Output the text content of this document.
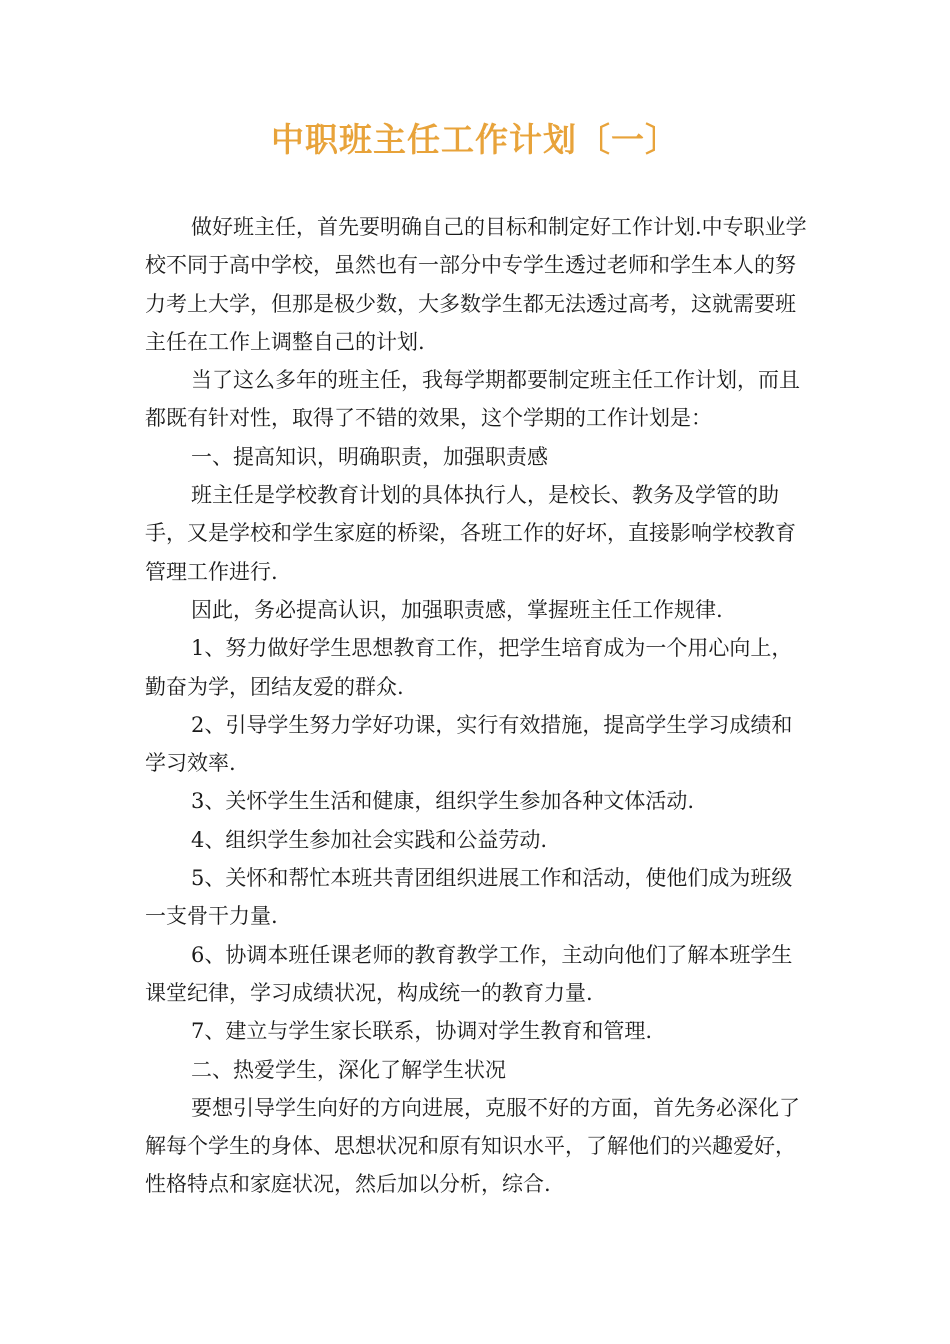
中职班主任工作计划〔一〕

做好班主任，首先要明确自己的目标和制定好工作计划.中专职业学校不同于高中学校，虽然也有一部分中专学生透过老师和学生本人的努力考上大学，但那是极少数，大多数学生都无法透过高考，这就需要班主任在工作上调整自己的计划.

当了这么多年的班主任，我每学期都要制定班主任工作计划，而且都既有针对性，取得了不错的效果，这个学期的工作计划是：

一、提高知识，明确职责，加强职责感

班主任是学校教育计划的具体执行人，是校长、教务及学管的助手，又是学校和学生家庭的桥梁，各班工作的好坏，直接影响学校教育管理工作进行.

因此，务必提高认识，加强职责感，掌握班主任工作规律.

1、努力做好学生思想教育工作，把学生培育成为一个用心向上，勤奋为学，团结友爱的群众.

2、引导学生努力学好功课，实行有效措施，提高学生学习成绩和学习效率.

3、关怀学生生活和健康，组织学生参加各种文体活动.

4、组织学生参加社会实践和公益劳动.

5、关怀和帮忙本班共青团组织进展工作和活动，使他们成为班级一支骨干力量.

6、协调本班任课老师的教育教学工作，主动向他们了解本班学生课堂纪律，学习成绩状况，构成统一的教育力量.

7、建立与学生家长联系，协调对学生教育和管理.

二、热爱学生，深化了解学生状况

要想引导学生向好的方向进展，克服不好的方面，首先务必深化了解每个学生的身体、思想状况和原有知识水平，了解他们的兴趣爱好，性格特点和家庭状况，然后加以分析，综合.
